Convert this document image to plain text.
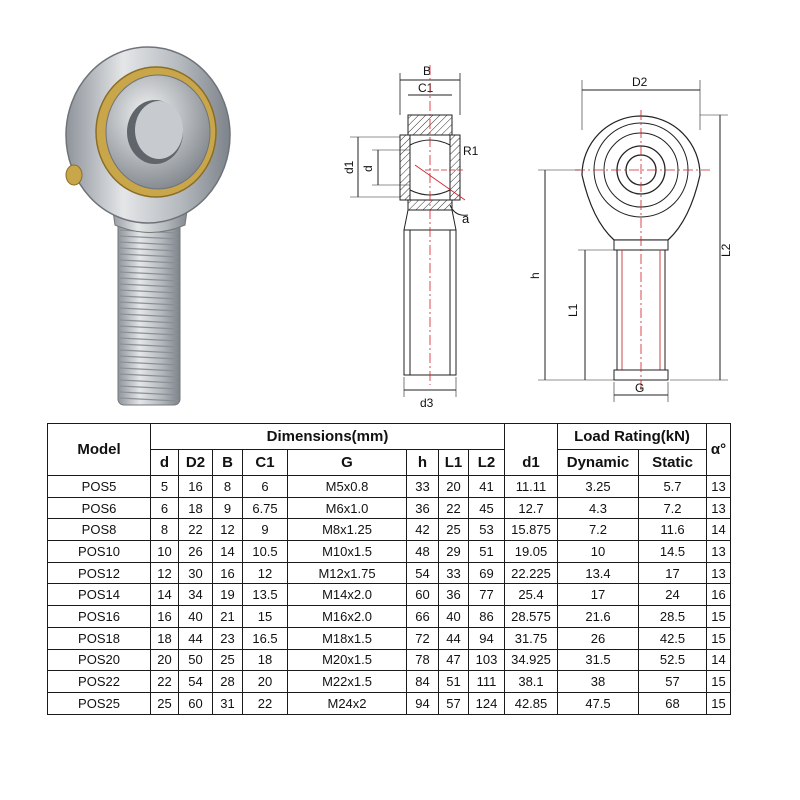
B
C1
d1 d
R1
a
d3
D2
L2
h
L1
G
Model	Dimensions(mm)									Load Rating(kN)		α°
	d	D2	B	C1	G	h	L1	L2	d1	Dynamic	Static	
POS5	5	16	8	6	M5x0.8	33	20	41	11.11	3.25	5.7	13
POS6	6	18	9	6.75	M6x1.0	36	22	45	12.7	4.3	7.2	13
POS8	8	22	12	9	M8x1.25	42	25	53	15.875	7.2	11.6	14
POS10	10	26	14	10.5	M10x1.5	48	29	51	19.05	10	14.5	13
POS12	12	30	16	12	M12x1.75	54	33	69	22.225	13.4	17	13
POS14	14	34	19	13.5	M14x2.0	60	36	77	25.4	17	24	16
POS16	16	40	21	15	M16x2.0	66	40	86	28.575	21.6	28.5	15
POS18	18	44	23	16.5	M18x1.5	72	44	94	31.75	26	42.5	15
POS20	20	50	25	18	M20x1.5	78	47	103	34.925	31.5	52.5	14
POS22	22	54	28	20	M22x1.5	84	51	111	38.1	38	57	15
POS25	25	60	31	22	M24x2	94	57	124	42.85	47.5	68	15
